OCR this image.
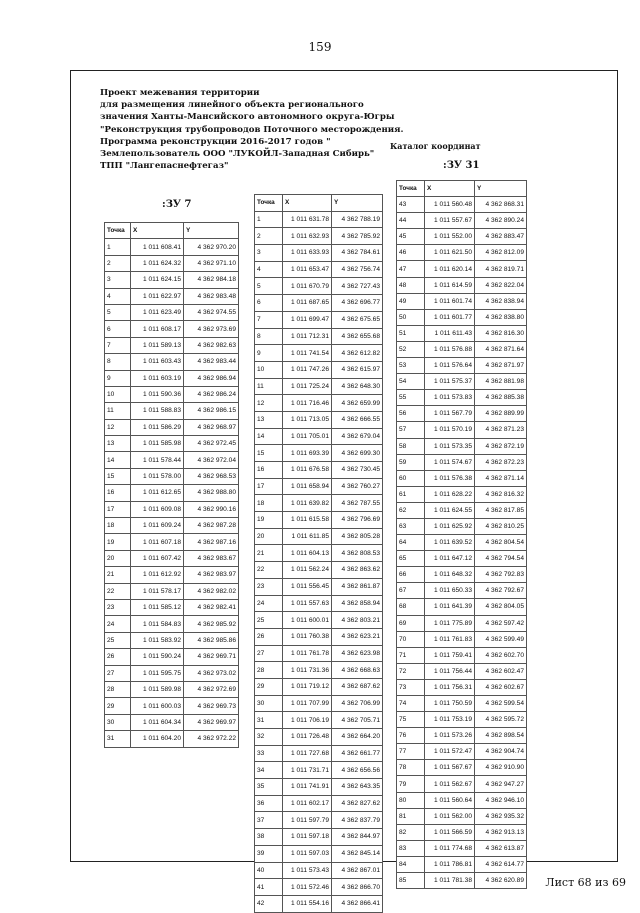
159
Проект межевания территории
для размещения линейного объекта регионального
значения Ханты-Мансийского автономного округа-Югры
"Реконструкция трубопроводов Поточного месторождения.
Программа реконструкции 2016-2017 годов "
Землепользователь ООО "ЛУКОЙЛ-Западная Сибирь"
ТПП "Лангепаснефтегаз"
Каталог координат
:ЗУ 7
:ЗУ 31
Точка	X	Y
1	1 011 608.41	4 362 970.20
2	1 011 624.32	4 362 971.10
3	1 011 624.15	4 362 984.18
4	1 011 622.97	4 362 983.48
5	1 011 623.49	4 362 974.55
6	1 011 608.17	4 362 973.69
7	1 011 589.13	4 362 982.63
8	1 011 603.43	4 362 983.44
9	1 011 603.19	4 362 986.94
10	1 011 590.36	4 362 986.24
11	1 011 588.83	4 362 986.15
12	1 011 586.29	4 362 968.97
13	1 011 585.98	4 362 972.45
14	1 011 578.44	4 362 972.04
15	1 011 578.00	4 362 968.53
16	1 011 612.65	4 362 988.80
17	1 011 609.08	4 362 990.16
18	1 011 609.24	4 362 987.28
19	1 011 607.18	4 362 987.16
20	1 011 607.42	4 362 983.67
21	1 011 612.92	4 362 983.97
22	1 011 578.17	4 362 982.02
23	1 011 585.12	4 362 982.41
24	1 011 584.83	4 362 985.92
25	1 011 583.92	4 362 985.86
26	1 011 590.24	4 362 969.71
27	1 011 595.75	4 362 973.02
28	1 011 589.98	4 362 972.69
29	1 011 600.03	4 362 969.73
30	1 011 604.34	4 362 969.97
31	1 011 604.20	4 362 972.22
Точка	X	Y
1	1 011 631.78	4 362 788.19
2	1 011 632.93	4 362 785.92
3	1 011 633.93	4 362 784.61
4	1 011 653.47	4 362 756.74
5	1 011 670.79	4 362 727.43
6	1 011 687.65	4 362 696.77
7	1 011 699.47	4 362 675.65
8	1 011 712.31	4 362 655.68
9	1 011 741.54	4 362 612.82
10	1 011 747.26	4 362 615.97
11	1 011 725.24	4 362 648.30
12	1 011 716.46	4 362 659.99
13	1 011 713.05	4 362 666.55
14	1 011 705.01	4 362 679.04
15	1 011 693.39	4 362 699.30
16	1 011 676.58	4 362 730.45
17	1 011 658.94	4 362 760.27
18	1 011 639.82	4 362 787.55
19	1 011 615.58	4 362 796.69
20	1 011 611.85	4 362 805.28
21	1 011 604.13	4 362 808.53
22	1 011 562.24	4 362 863.62
23	1 011 556.45	4 362 861.87
24	1 011 557.63	4 362 858.94
25	1 011 600.01	4 362 803.21
26	1 011 760.38	4 362 623.21
27	1 011 761.78	4 362 623.98
28	1 011 731.36	4 362 668.63
29	1 011 719.12	4 362 687.62
30	1 011 707.99	4 362 706.99
31	1 011 706.19	4 362 705.71
32	1 011 726.48	4 362 664.20
33	1 011 727.68	4 362 661.77
34	1 011 731.71	4 362 656.56
35	1 011 741.91	4 362 643.35
36	1 011 602.17	4 362 827.62
37	1 011 597.79	4 362 837.79
38	1 011 597.18	4 362 844.97
39	1 011 597.03	4 362 845.14
40	1 011 573.43	4 362 867.01
41	1 011 572.46	4 362 866.70
42	1 011 554.16	4 362 866.41
Точка	X	Y
43	1 011 560.48	4 362 868.31
44	1 011 557.67	4 362 890.24
45	1 011 552.00	4 362 883.47
46	1 011 621.50	4 362 812.09
47	1 011 620.14	4 362 819.71
48	1 011 614.59	4 362 822.04
49	1 011 601.74	4 362 838.94
50	1 011 601.77	4 362 838.80
51	1 011 611.43	4 362 816.30
52	1 011 576.88	4 362 871.64
53	1 011 576.64	4 362 871.97
54	1 011 575.37	4 362 881.98
55	1 011 573.83	4 362 885.38
56	1 011 567.79	4 362 889.99
57	1 011 570.19	4 362 871.23
58	1 011 573.35	4 362 872.19
59	1 011 574.67	4 362 872.23
60	1 011 576.38	4 362 871.14
61	1 011 628.22	4 362 816.32
62	1 011 624.55	4 362 817.85
63	1 011 625.92	4 362 810.25
64	1 011 639.52	4 362 804.54
65	1 011 647.12	4 362 794.54
66	1 011 648.32	4 362 792.83
67	1 011 650.33	4 362 792.67
68	1 011 641.39	4 362 804.05
69	1 011 775.89	4 362 597.42
70	1 011 761.83	4 362 599.49
71	1 011 759.41	4 362 602.70
72	1 011 756.44	4 362 602.47
73	1 011 756.31	4 362 602.67
74	1 011 750.59	4 362 599.54
75	1 011 753.19	4 362 595.72
76	1 011 573.26	4 362 898.54
77	1 011 572.47	4 362 904.74
78	1 011 567.67	4 362 910.90
79	1 011 562.67	4 362 947.27
80	1 011 560.64	4 362 946.10
81	1 011 562.00	4 362 935.32
82	1 011 566.59	4 362 913.13
83	1 011 774.68	4 362 613.87
84	1 011 786.81	4 362 614.77
85	1 011 781.38	4 362 620.89 Лист 68 из 69
